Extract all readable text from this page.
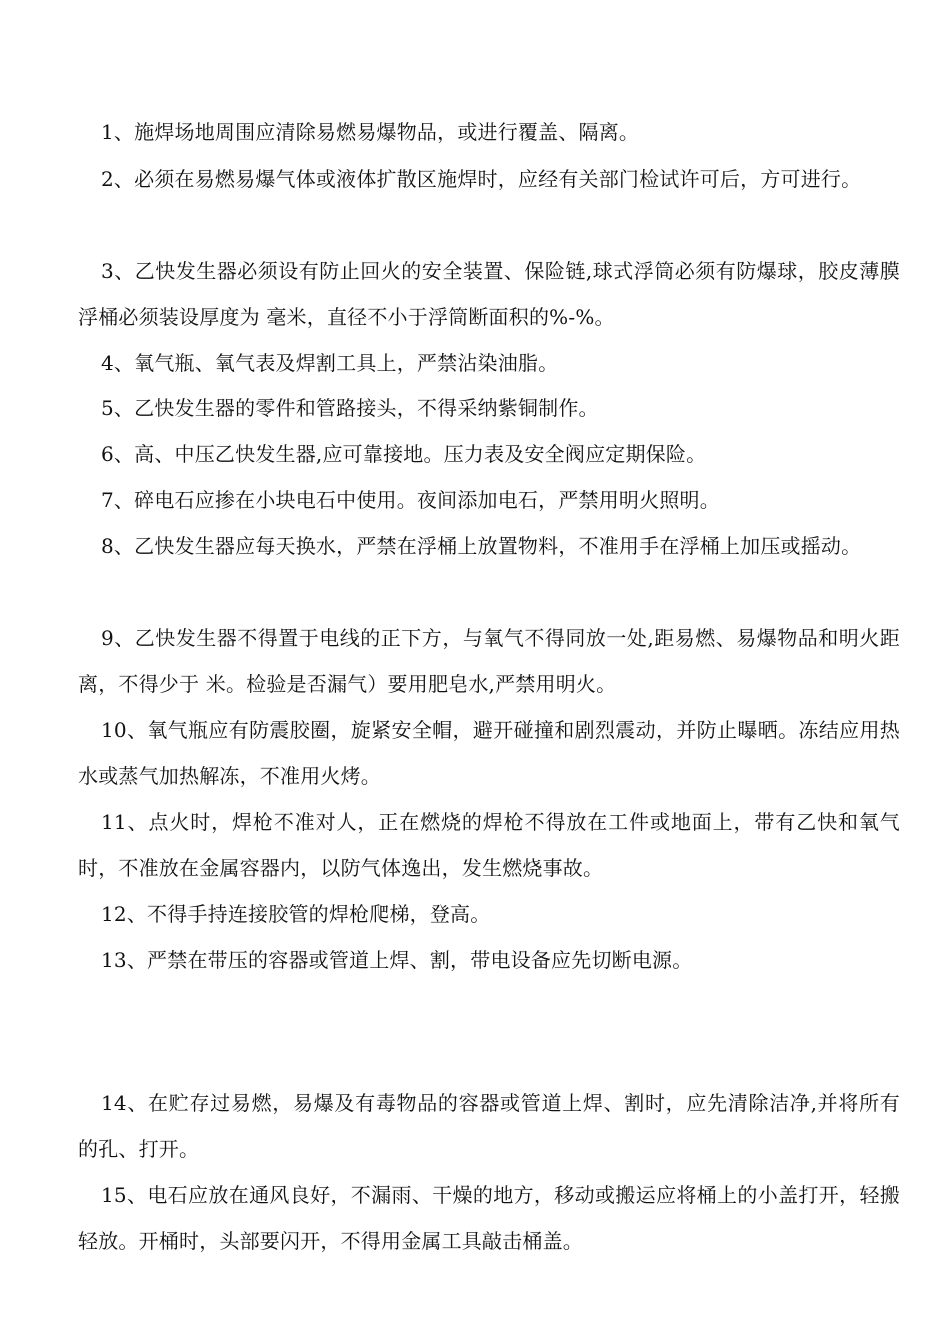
1、施焊场地周围应清除易燃易爆物品，或进行覆盖、隔离。

2、必须在易燃易爆气体或液体扩散区施焊时，应经有关部门检试许可后，方可进行。

3、乙快发生器必须设有防止回火的安全装置、保险链,球式浮筒必须有防爆球，胶皮薄膜浮桶必须装设厚度为 毫米，直径不小于浮筒断面积的%-%。

4、氧气瓶、氧气表及焊割工具上，严禁沾染油脂。

5、乙快发生器的零件和管路接头，不得采纳紫铜制作。

6、高、中压乙快发生器,应可靠接地。压力表及安全阀应定期保险。

7、碎电石应掺在小块电石中使用。夜间添加电石，严禁用明火照明。

8、乙快发生器应每天换水，严禁在浮桶上放置物料，不准用手在浮桶上加压或摇动。

9、乙快发生器不得置于电线的正下方，与氧气不得同放一处,距易燃、易爆物品和明火距离，不得少于 米。检验是否漏气）要用肥皂水,严禁用明火。

10、氧气瓶应有防震胶圈，旋紧安全帽，避开碰撞和剧烈震动，并防止曝晒。冻结应用热水或蒸气加热解冻，不准用火烤。

11、点火时，焊枪不准对人，正在燃烧的焊枪不得放在工件或地面上，带有乙快和氧气时，不准放在金属容器内，以防气体逸出，发生燃烧事故。

12、不得手持连接胶管的焊枪爬梯，登高。

13、严禁在带压的容器或管道上焊、割，带电设备应先切断电源。

14、在贮存过易燃，易爆及有毒物品的容器或管道上焊、割时，应先清除洁净,并将所有的孔、打开。

15、电石应放在通风良好，不漏雨、干燥的地方，移动或搬运应将桶上的小盖打开，轻搬轻放。开桶时，头部要闪开，不得用金属工具敲击桶盖。
